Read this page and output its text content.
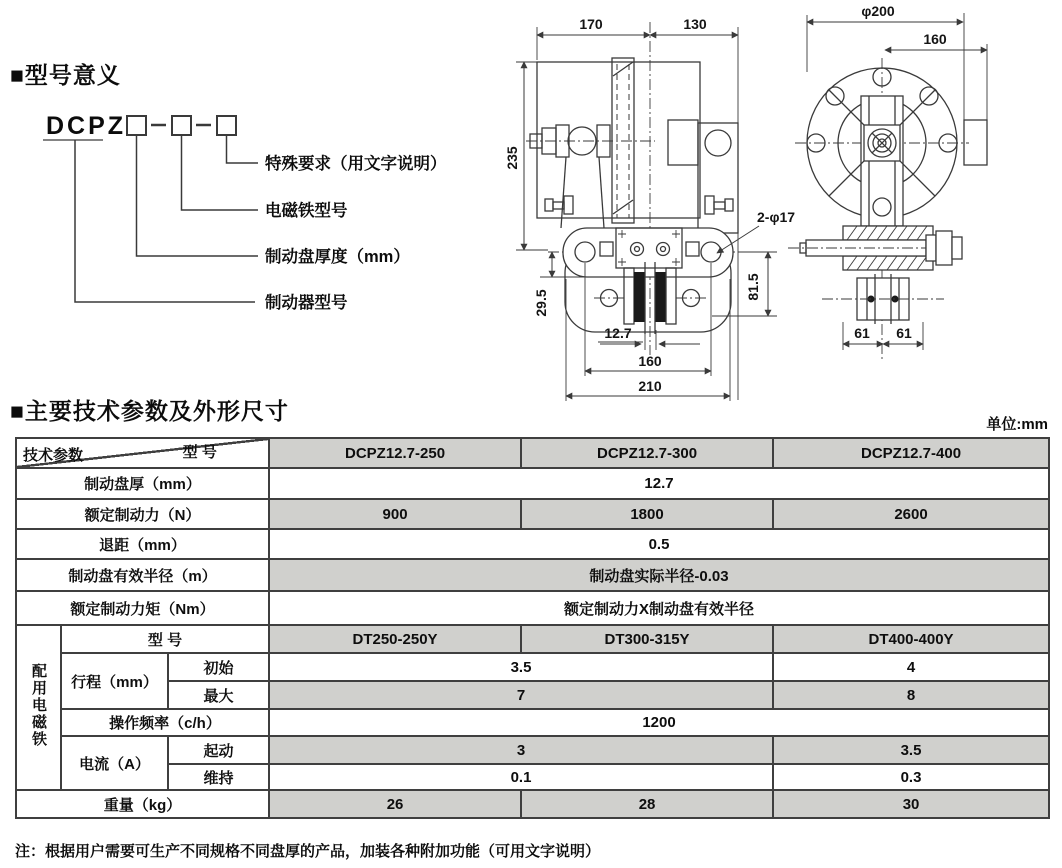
■型号意义
DCPZ
特殊要求（用文字说明）
电磁铁型号
制动盘厚度（mm）
制动器型号
170	130
235
29.5
81.5
12.7
160
210
2-φ17
φ200
160
61 61
■主要技术参数及外形尺寸
单位:mm
型 号
技术参数			DCPZ12.7-250	DCPZ12.7-300	DCPZ12.7-400
制动盘厚（mm）			12.7		
额定制动力（N）			900	1800	2600
退距（mm）			0.5		
制动盘有效半径（m）			制动盘实际半径-0.03		
额定制动力矩（Nm）			额定制动力X制动盘有效半径		
配用电磁铁	型 号		DT250-250Y	DT300-315Y	DT400-400Y
	行程（mm）	初始	3.5		4
		最大	7		8
	操作频率（c/h）		1200		
	电流（A）	起动	3		3.5
		维持	0.1		0.3
重量（kg）			26	28	30
注：根据用户需要可生产不同规格不同盘厚的产品，加装各种附加功能（可用文字说明）
